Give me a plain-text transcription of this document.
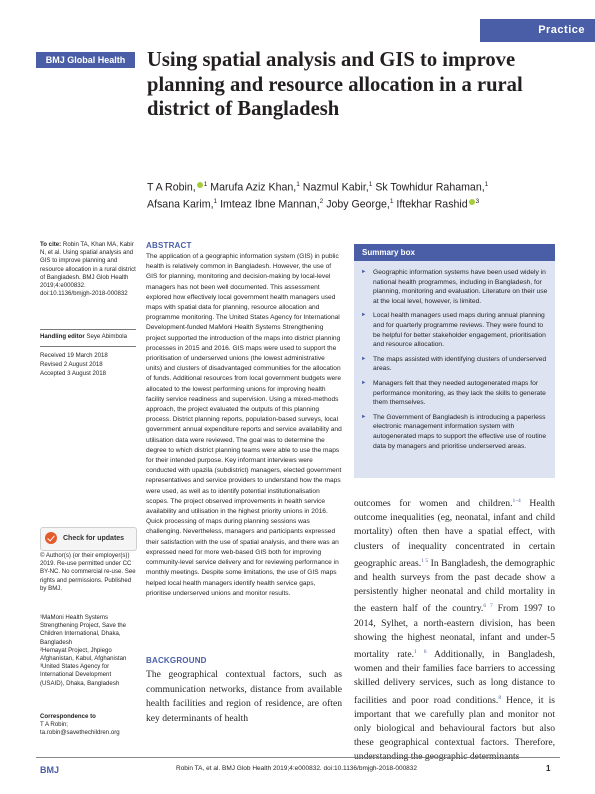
Practice
BMJ Global Health	Using spatial analysis and GIS to improve planning and resource allocation in a rural district of Bangladesh
T A Robin, $^1$ Marufa Aziz Khan,$^1$ Nazmul Kabir,$^1$ Sk Towhidur Rahaman,$^1$
Afsana Karim,$^1$ Imteaz Ibne Mannan,$^2$ Joby George,$^1$ Iftekhar Rashid $^3$
To cite: Robin TA, Khan MA, Kabir N, et al. Using spatial analysis and GIS to improve planning and resource allocation in a rural district of Bangladesh. BMJ Glob Health 2019;4:e000832. doi:10.1136/bmjgh-2018-000832
Handling editor Seye Abimbola
Received 19 March 2018
Revised 2 August 2018
Accepted 3 August 2018
Check for updates
© Author(s) (or their employer(s)) 2019. Re-use permitted under CC BY-NC. No commercial re-use. See rights and permissions. Published by BMJ.
¹MaMoni Health Systems Strengthening Project, Save the Children International, Dhaka, Bangladesh
²Hemayat Project, Jhpiego Afghanistan, Kabul, Afghanistan
³United States Agency for International Development (USAID), Dhaka, Bangladesh
Correspondence to
T A Robin;
ta.robin@savethechildren.org
ABSTRACT
The application of a geographic information system (GIS) in public health is relatively common in Bangladesh. However, the use of GIS for planning, monitoring and decision-making by local-level managers has not been well documented. This assessment explored how effectively local government health managers used maps with spatial data for planning, resource allocation and programme monitoring. The United States Agency for International Development-funded MaMoni Health Systems Strengthening project supported the introduction of the maps into district planning processes in 2015 and 2016. GIS maps were used to support the prioritisation of underserved unions (the lowest administrative units) and clusters of disadvantaged communities for the allocation of funds. Additional resources from local government budgets were allocated to the lowest performing unions for improving health facility service readiness and supervision. Using a mixed-methods approach, the project evaluated the outputs of this planning process. District planning reports, population-based surveys, local government annual expenditure reports and service availability and utilisation data were reviewed. The goal was to determine the degree to which district planning teams were able to use the maps for their intended purpose. Key informant interviews were conducted with upazila (subdistrict) managers, elected government representatives and service providers to understand how the maps were used, as well as to identify potential institutionalisation scopes. The project observed improvements in health service availability and utilisation in the highest priority unions in 2016. Quick processing of maps during planning sessions was challenging. Nevertheless, managers and participants expressed their satisfaction with the use of spatial analysis, and there was an expressed need for more web-based GIS both for improving community-level service delivery and for reviewing performance in monthly meetings. Despite some limitations, the use of GIS maps helped local health managers identify health service gaps, prioritise underserved unions and monitor results.
BACKGROUND
The geographical contextual factors, such as communication networks, distance from available health facilities and region of residence, are often key determinants of health
Summary box
► Geographic information systems have been used widely in national health programmes, including in Bangladesh, for planning, monitoring and evaluation. Literature on their use at the local level, however, is limited.
► Local health managers used maps during annual planning and for quarterly programme reviews. They were found to be helpful for better stakeholder engagement, prioritisation and resource allocation.
► The maps assisted with identifying clusters of underserved areas.
► Managers felt that they needed autogenerated maps for performance monitoring, as they lack the skills to generate them themselves.
► The Government of Bangladesh is introducing a paperless electronic management information system with autogenerated maps to support the effective use of routine data by managers and prioritise underserved areas.
outcomes for women and children.$^{1-4}$ Health outcome inequalities (eg, neonatal, infant and child mortality) often then have a spatial effect, with clusters of inequality concentrated in certain geographic areas.$^{1 5}$ In Bangladesh, the demographic and health surveys from the past decade show a persistently higher neonatal and child mortality in the eastern half of the country.$^{6 7}$ From 1997 to 2014, Sylhet, a north-eastern division, has been showing the highest neonatal, infant and under-5 mortality rate.$^{1 6}$ Additionally, in Bangladesh, women and their families face barriers to accessing skilled delivery services, such as long distance to facilities and poor road conditions.$^8$ Hence, it is important that we carefully plan and monitor not only biological and behavioural factors but also these geographical contextual factors. Therefore, understanding the geographic determinants
BMJ	Robin TA, et al. BMJ Glob Health 2019;4:e000832. doi:10.1136/bmjgh-2018-000832	1
